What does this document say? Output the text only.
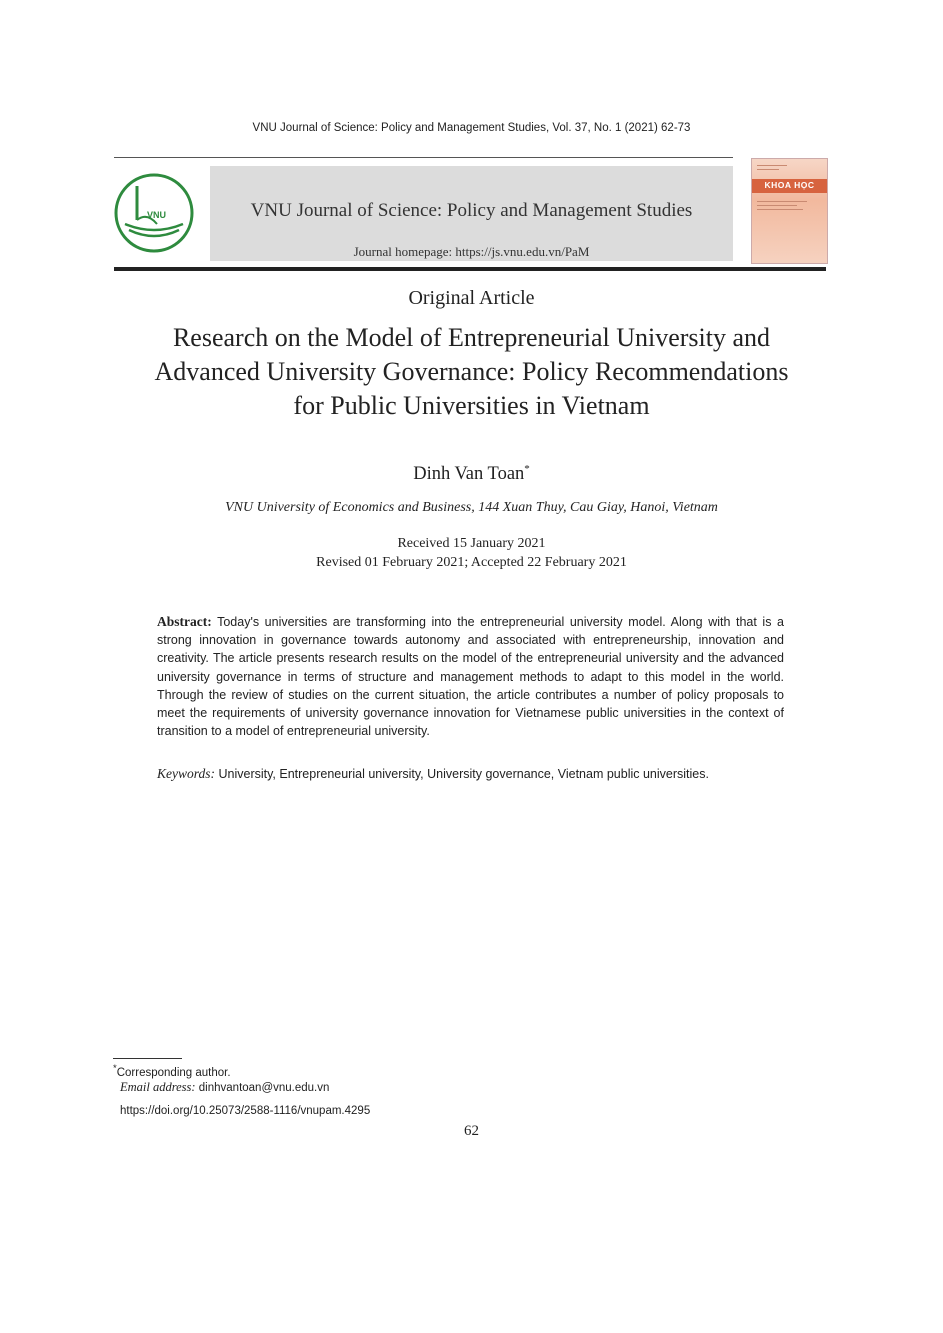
VNU Journal of Science: Policy and Management Studies, Vol. 37, No. 1 (2021) 62-73
VNU	VNU Journal of Science: Policy and Management Studies
Journal homepage: https://js.vnu.edu.vn/PaM
KHOA HỌC
Original Article
Research on the Model of Entrepreneurial University and
Advanced University Governance: Policy Recommendations
for Public Universities in Vietnam
Dinh Van Toan*
VNU University of Economics and Business, 144 Xuan Thuy, Cau Giay, Hanoi, Vietnam
Received 15 January 2021
Revised 01 February 2021; Accepted 22 February 2021
Abstract: Today's universities are transforming into the entrepreneurial university model. Along with that is a strong innovation in governance towards autonomy and associated with entrepreneurship, innovation and creativity. The article presents research results on the model of the entrepreneurial university and the advanced university governance in terms of structure and management methods to adapt to this model in the world. Through the review of studies on the current situation, the article contributes a number of policy proposals to meet the requirements of university governance innovation for Vietnamese public universities in the context of transition to a model of entrepreneurial university.
Keywords: University, Entrepreneurial university, University governance, Vietnam public universities.
*Corresponding author.
Email address: dinhvantoan@vnu.edu.vn
https://doi.org/10.25073/2588-1116/vnupam.4295
62
